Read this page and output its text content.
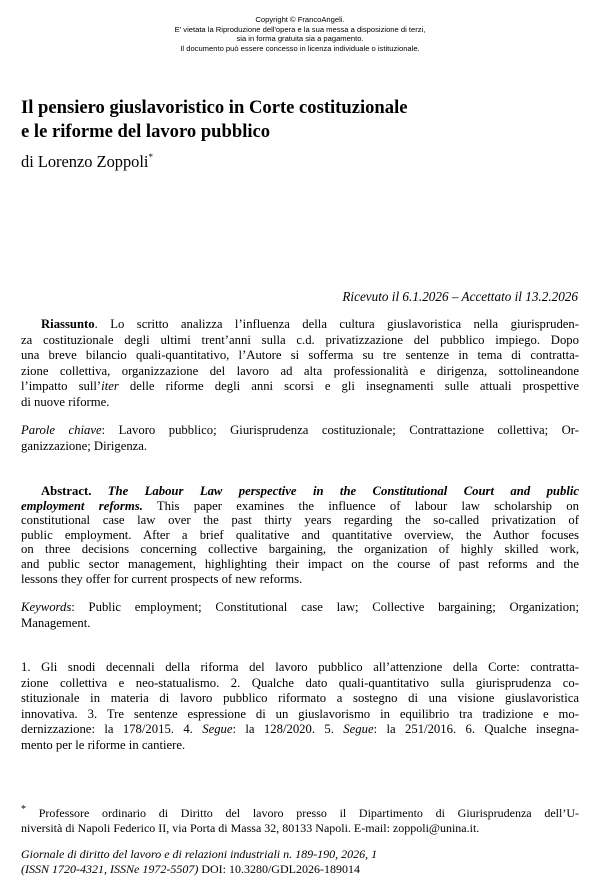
Copyright © FrancoAngeli.
E' vietata la Riproduzione dell'opera e la sua messa a disposizione di terzi,
sia in forma gratuita sia a pagamento.
Il documento può essere concesso in licenza individuale o istituzionale.
Il pensiero giuslavoristico in Corte costituzionale
e le riforme del lavoro pubblico
di Lorenzo Zoppoli*
Ricevuto il 6.1.2026 – Accettato il 13.2.2026
Riassunto. Lo scritto analizza l’influenza della cultura giuslavoristica nella giurispruden-
za costituzionale degli ultimi trent’anni sulla c.d. privatizzazione del pubblico impiego. Dopo
una breve bilancio quali-quantitativo, l’Autore si sofferma su tre sentenze in tema di contratta-
zione collettiva, organizzazione del lavoro ad alta professionalità e dirigenza, sottolineandone
l’impatto sull’iter delle riforme degli anni scorsi e gli insegnamenti sulle attuali prospettive
di nuove riforme.
Parole chiave: Lavoro pubblico; Giurisprudenza costituzionale; Contrattazione collettiva; Or-
ganizzazione; Dirigenza.
Abstract. The Labour Law perspective in the Constitutional Court and public
employment reforms. This paper examines the influence of labour law scholarship on
constitutional case law over the past thirty years regarding the so-called privatization of
public employment. After a brief qualitative and quantitative overview, the Author focuses
on three decisions concerning collective bargaining, the organization of highly skilled work,
and public sector management, highlighting their impact on the course of past reforms and the
lessons they offer for current prospects of new reforms.
Keywords: Public employment; Constitutional case law; Collective bargaining; Organization;
Management.
1. Gli snodi decennali della riforma del lavoro pubblico all’attenzione della Corte: contratta-
zione collettiva e neo-statualismo. 2. Qualche dato quali-quantitativo sulla giurisprudenza co-
stituzionale in materia di lavoro pubblico riformato a sostegno di una visione giuslavoristica
innovativa. 3. Tre sentenze espressione di un giuslavorismo in equilibrio tra tradizione e mo-
dernizzazione: la 178/2015. 4. Segue: la 128/2020. 5. Segue: la 251/2016. 6. Qualche insegna-
mento per le riforme in cantiere.
* Professore ordinario di Diritto del lavoro presso il Dipartimento di Giurisprudenza dell’U-
niversità di Napoli Federico II, via Porta di Massa 32, 80133 Napoli. E-mail: zoppoli@unina.it.
Giornale di diritto del lavoro e di relazioni industriali n. 189-190, 2026, 1
(ISSN 1720-4321, ISSNe 1972-5507) DOI: 10.3280/GDL2026-189014
